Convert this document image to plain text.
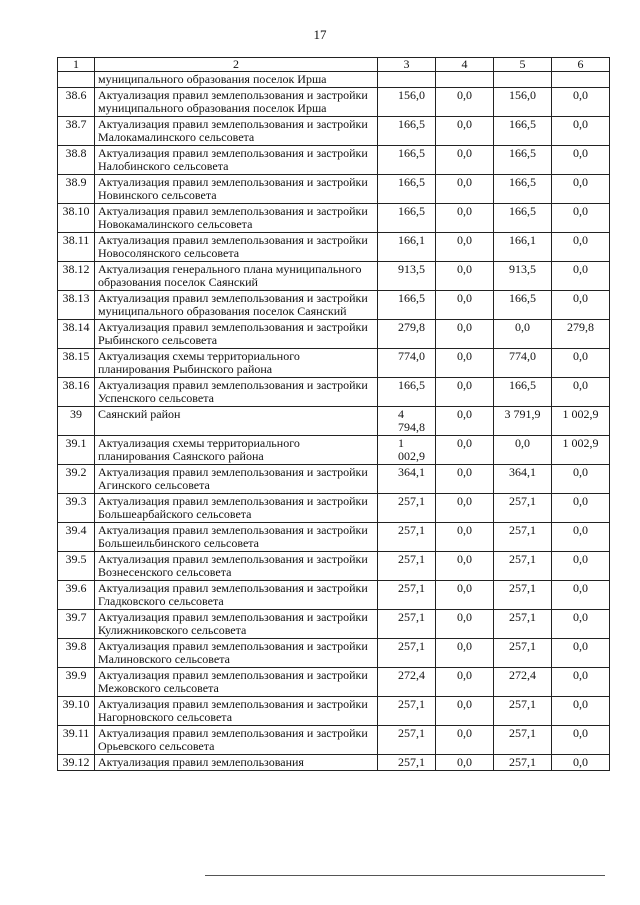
17
1	2	3	4	5	6
	муниципального образования поселок Ирша				
38.6	Актуализация правил землепользования и застройки муниципального образования поселок Ирша	156,0	0,0	156,0	0,0
38.7	Актуализация правил землепользования и застройки Малокамалинского сельсовета	166,5	0,0	166,5	0,0
38.8	Актуализация правил землепользования и застройки Налобинского сельсовета	166,5	0,0	166,5	0,0
38.9	Актуализация правил землепользования и застройки Новинского сельсовета	166,5	0,0	166,5	0,0
38.10	Актуализация правил землепользования и застройки Новокамалинского сельсовета	166,5	0,0	166,5	0,0
38.11	Актуализация правил землепользования и застройки Новосолянского сельсовета	166,1	0,0	166,1	0,0
38.12	Актуализация генерального плана муниципального образования поселок Саянский	913,5	0,0	913,5	0,0
38.13	Актуализация правил землепользования и застройки муниципального образования поселок Саянский	166,5	0,0	166,5	0,0
38.14	Актуализация правил землепользования и застройки Рыбинского сельсовета	279,8	0,0	0,0	279,8
38.15	Актуализация схемы территориального планирования Рыбинского района	774,0	0,0	774,0	0,0
38.16	Актуализация правил землепользования и застройки Успенского сельсовета	166,5	0,0	166,5	0,0
39	Саянский район	4 794,8	0,0	3 791,9	1 002,9
39.1	Актуализация схемы территориального планирования Саянского района	1 002,9	0,0	0,0	1 002,9
39.2	Актуализация правил землепользования и застройки Агинского сельсовета	364,1	0,0	364,1	0,0
39.3	Актуализация правил землепользования и застройки Большеарбайского сельсовета	257,1	0,0	257,1	0,0
39.4	Актуализация правил землепользования и застройки Большеильбинского сельсовета	257,1	0,0	257,1	0,0
39.5	Актуализация правил землепользования и застройки Вознесенского сельсовета	257,1	0,0	257,1	0,0
39.6	Актуализация правил землепользования и застройки Гладковского сельсовета	257,1	0,0	257,1	0,0
39.7	Актуализация правил землепользования и застройки Кулижниковского сельсовета	257,1	0,0	257,1	0,0
39.8	Актуализация правил землепользования и застройки Малиновского сельсовета	257,1	0,0	257,1	0,0
39.9	Актуализация правил землепользования и застройки Межовского сельсовета	272,4	0,0	272,4	0,0
39.10	Актуализация правил землепользования и застройки Нагорновского сельсовета	257,1	0,0	257,1	0,0
39.11	Актуализация правил землепользования и застройки Орьевского сельсовета	257,1	0,0	257,1	0,0
39.12	Актуализация правил землепользования	257,1	0,0	257,1	0,0
